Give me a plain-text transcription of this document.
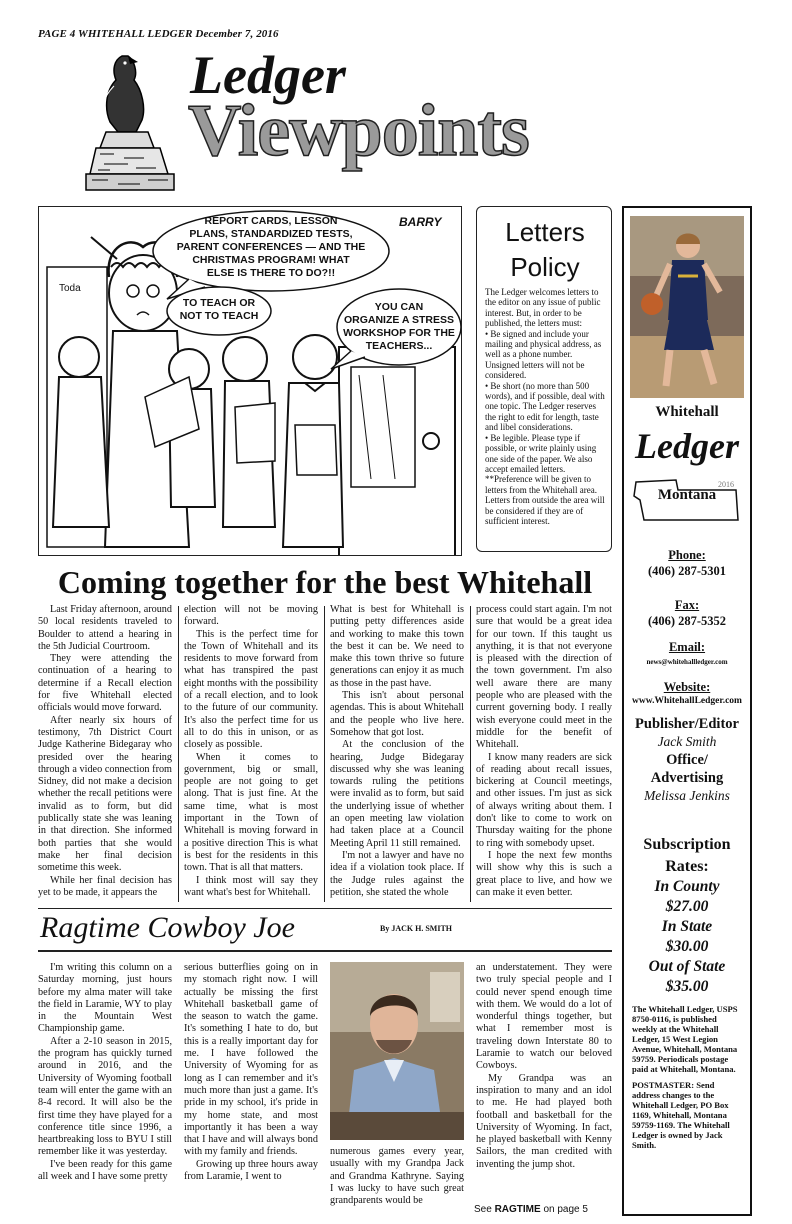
PAGE 4 WHITEHALL LEDGER December 7, 2016
Ledger
Viewpoints
BARRY
Toda
REPORT CARDS, LESSON
PLANS, STANDARDIZED TESTS,
PARENT CONFERENCES — AND THE
CHRISTMAS PROGRAM! WHAT
ELSE IS THERE TO DO?!!
TO TEACH OR
NOT TO TEACH
YOU CAN
ORGANIZE A STRESS
WORKSHOP FOR THE
TEACHERS...
Letters
Policy

The Ledger welcomes letters to the editor on any issue of public interest. But, in order to be published, the letters must:

• Be signed and include your mailing and physical address, as well as a phone number. Unsigned letters will not be considered.

• Be short (no more than 500 words), and if possible, deal with one topic. The Ledger reserves the right to edit for length, taste and libel considerations.

• Be legible. Please type if possible, or write plainly using one side of the paper. We also accept emailed letters.

**Preference will be given to letters from the Whitehall area. Letters from outside the area will be considered if they are of sufficient interest.

Whitehall
Ledger
Montana
2016
Phone:
(406) 287-5301
Fax:
(406) 287-5352
Email:
news@whitehallledger.com
Website:
www.WhitehallLedger.com
Publisher/Editor
Jack Smith
Office/
Advertising
Melissa Jenkins
Subscription
Rates:
In County
$27.00
In State
$30.00
Out of State
$35.00
The Whitehall Ledger, USPS 8750-0116, is published weekly at the Whitehall Ledger, 15 West Legion Avenue, Whitehall, Montana 59759. Periodicals postage paid at Whitehall, Montana.
POSTMASTER: Send address changes to the Whitehall Ledger, PO Box 1169, Whitehall, Montana 59759-1169. The Whitehall Ledger is owned by Jack Smith.
Coming together for the best Whitehall

Last Friday afternoon, around 50 local residents traveled to Boulder to attend a hearing in the 5th Judicial Courtroom.

They were attending the continuation of a hearing to determine if a Recall election for five Whitehall elected officials would move forward.

After nearly six hours of testimony, 7th District Court Judge Katherine Bidegaray who presided over the hearing through a video connection from Sidney, did not make a decision whether the recall petitions were invalid as to form, but did publically state she was leaning in that direction. She informed both parties that she would make her final decision sometime this week.

While her final decision has yet to be made, it appears the

election will not be moving forward.

This is the perfect time for the Town of Whitehall and its residents to move forward from what has transpired the past eight months with the possibility of a recall election, and to look to the future of our community. It's also the perfect time for us all to do this in unison, or as closely as possible.

When it comes to government, big or small, people are not going to get along. That is just fine. At the same time, what is most important in the Town of Whitehall is moving forward in a positive direction This is what is best for the residents in this town. That is all that matters.

I think most will say they want what's best for Whitehall.

What is best for Whitehall is putting petty differences aside and working to make this town the best it can be. We need to make this town thrive so future generations can enjoy it as much as those in the past have.

This isn't about personal agendas. This is about Whitehall and the people who live here. Somehow that got lost.

At the conclusion of the hearing, Judge Bidegaray discussed why she was leaning towards ruling the petitions were invalid as to form, but said the underlying issue of whether an open meeting law violation had taken place at a Council Meeting April 11 still remained.

I'm not a lawyer and have no idea if a violation took place. If the Judge rules against the petition, she stated the whole

process could start again. I'm not sure that would be a great idea for our town. If this taught us anything, it is that not everyone is pleased with the direction of the town government. I'm also well aware there are many people who are pleased with the current governing body. I really wish everyone could meet in the middle for the benefit of Whitehall.

I know many readers are sick of reading about recall issues, bickering at Council meetings, and other issues. I'm just as sick of always writing about them. I don't like to come to work on Thursday waiting for the phone to ring with somebody upset.

I hope the next few months will show why this is such a great place to live, and how we can make it even better.

Ragtime Cowboy Joe	By JACK H. SMITH

I'm writing this column on a Saturday morning, just hours before my alma mater will take the field in Laramie, WY to play in the Mountain West Championship game.

After a 2-10 season in 2015, the program has quickly turned around in 2016, and the University of Wyoming football team will enter the game with an 8-4 record. It will also be the first time they have played for a conference title since 1996, a heartbreaking loss to BYU I still remember like it was yesterday.

I've been ready for this game all week and I have some pretty

serious butterflies going on in my stomach right now. I will actually be missing the first Whitehall basketball game of the season to watch the game. It's something I hate to do, but this is a really important day for me. I have followed the University of Wyoming for as long as I can remember and it's much more than just a game. It's pride in my school, it's pride in my home state, and most importantly it has been a way that I have and will always bond with my family and friends.

Growing up three hours away from Laramie, I went to

numerous games every year, usually with my Grandpa Jack and Grandma Kathryne. Saying I was lucky to have such great grandparents would be

an understatement. They were two truly special people and I could never spend enough time with them. We would do a lot of wonderful things together, but what I remember most is traveling down Interstate 80 to Laramie to watch our beloved Cowboys.

My Grandpa was an inspiration to many and an idol to me. He had played both football and basketball for the University of Wyoming. In fact, he played basketball with Kenny Sailors, the man credited with inventing the jump shot.

See RAGTIME on page 5
